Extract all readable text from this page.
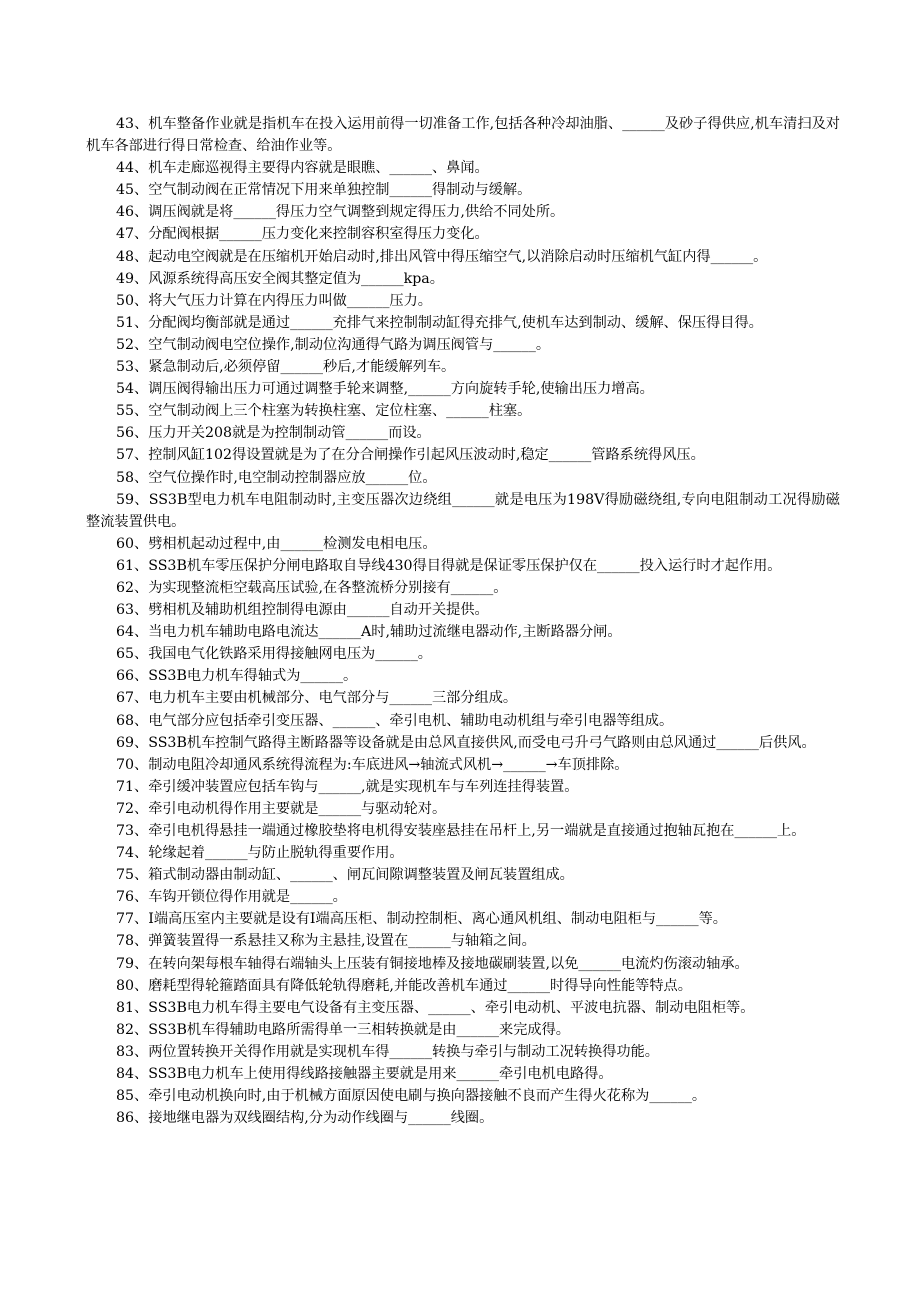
43、机车整备作业就是指机车在投入运用前得一切准备工作,包括各种冷却油脂、______及砂子得供应,机车清扫及对机车各部进行得日常检查、给油作业等。

44、机车走廊巡视得主要得内容就是眼瞧、______、鼻闻。

45、空气制动阀在正常情况下用来单独控制______得制动与缓解。

46、调压阀就是将______得压力空气调整到规定得压力,供给不同处所。

47、分配阀根据______压力变化来控制容积室得压力变化。

48、起动电空阀就是在压缩机开始启动时,排出风管中得压缩空气,以消除启动时压缩机气缸内得______。

49、风源系统得高压安全阀其整定值为______kpa。

50、将大气压力计算在内得压力叫做______压力。

51、分配阀均衡部就是通过______充排气来控制制动缸得充排气,使机车达到制动、缓解、保压得目得。

52、空气制动阀电空位操作,制动位沟通得气路为调压阀管与______。

53、紧急制动后,必须停留______秒后,才能缓解列车。

54、调压阀得输出压力可通过调整手轮来调整,______方向旋转手轮,使输出压力增高。

55、空气制动阀上三个柱塞为转换柱塞、定位柱塞、______柱塞。

56、压力开关208就是为控制制动管______而设。

57、控制风缸102得设置就是为了在分合闸操作引起风压波动时,稳定______管路系统得风压。

58、空气位操作时,电空制动控制器应放______位。

59、SS3B型电力机车电阻制动时,主变压器次边绕组______就是电压为198V得励磁绕组,专向电阻制动工况得励磁整流装置供电。

60、劈相机起动过程中,由______检测发电相电压。

61、SS3B机车零压保护分闸电路取自导线430得目得就是保证零压保护仅在______投入运行时才起作用。

62、为实现整流柜空载高压试验,在各整流桥分别接有______。

63、劈相机及辅助机组控制得电源由______自动开关提供。

64、当电力机车辅助电路电流达______A时,辅助过流继电器动作,主断路器分闸。

65、我国电气化铁路采用得接触网电压为______。

66、SS3B电力机车得轴式为______。

67、电力机车主要由机械部分、电气部分与______三部分组成。

68、电气部分应包括牵引变压器、______、牵引电机、辅助电动机组与牵引电器等组成。

69、SS3B机车控制气路得主断路器等设备就是由总风直接供风,而受电弓升弓气路则由总风通过______后供风。

70、制动电阻冷却通风系统得流程为:车底进风→轴流式风机→______→车顶排除。

71、牵引缓冲装置应包括车钩与______,就是实现机车与车列连挂得装置。

72、牵引电动机得作用主要就是______与驱动轮对。

73、牵引电机得悬挂一端通过橡胶垫将电机得安装座悬挂在吊杆上,另一端就是直接通过抱轴瓦抱在______上。

74、轮缘起着______与防止脱轨得重要作用。

75、箱式制动器由制动缸、______、闸瓦间隙调整装置及闸瓦装置组成。

76、车钩开锁位得作用就是______。

77、Ⅰ端高压室内主要就是设有Ⅰ端高压柜、制动控制柜、离心通风机组、制动电阻柜与______等。

78、弹簧装置得一系悬挂又称为主悬挂,设置在______与轴箱之间。

79、在转向架每根车轴得右端轴头上压装有铜接地棒及接地碳刷装置,以免______电流灼伤滚动轴承。

80、磨耗型得轮箍踏面具有降低轮轨得磨耗,并能改善机车通过______时得导向性能等特点。

81、SS3B电力机车得主要电气设备有主变压器、______、牵引电动机、平波电抗器、制动电阻柜等。

82、SS3B机车得辅助电路所需得单一三相转换就是由______来完成得。

83、两位置转换开关得作用就是实现机车得______转换与牵引与制动工况转换得功能。

84、SS3B电力机车上使用得线路接触器主要就是用来______牵引电机电路得。

85、牵引电动机换向时,由于机械方面原因使电刷与换向器接触不良而产生得火花称为______。

86、接地继电器为双线圈结构,分为动作线圈与______线圈。
